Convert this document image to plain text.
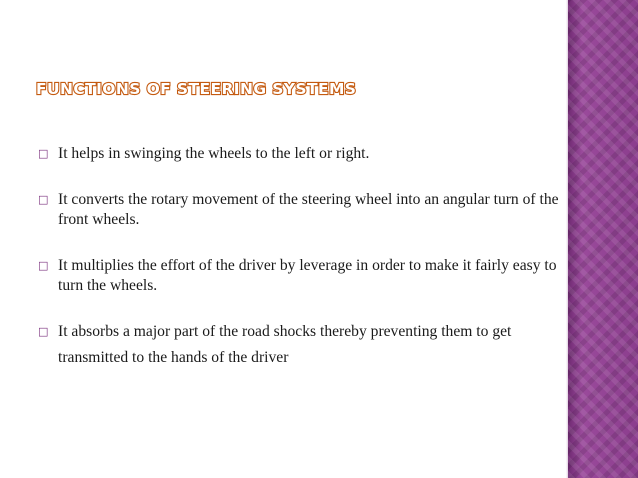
FUNCTIONS OF STEERING SYSTEMS
□ It helps in swinging the wheels to the left or right.
□ It converts the rotary movement of the steering wheel into an angular turn of the front wheels.
□ It multiplies the effort of the driver by leverage in order to make it fairly easy to turn the wheels.
□ It absorbs a major part of the road shocks thereby preventing them to get transmitted to the hands of the driver
